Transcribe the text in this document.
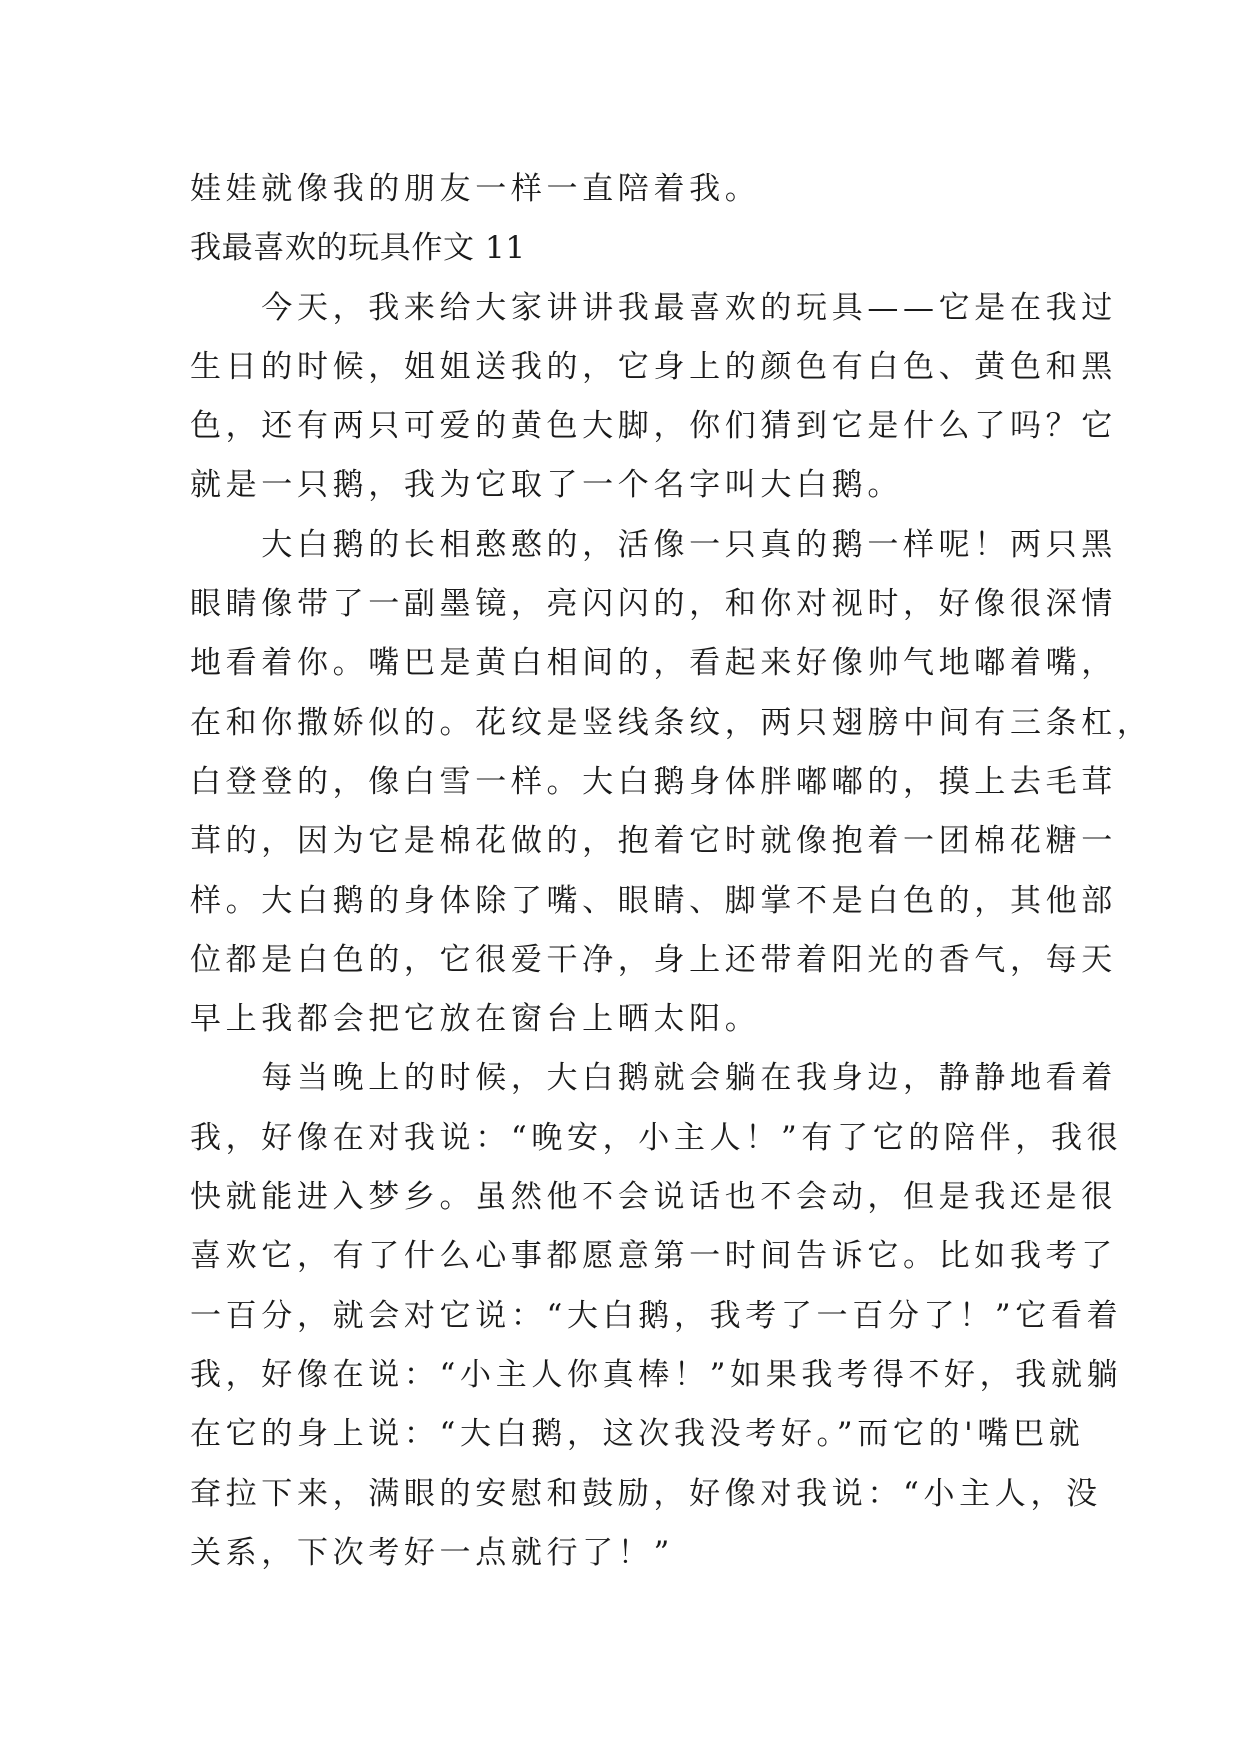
娃娃就像我的朋友一样一直陪着我。
我最喜欢的玩具作文 11
　　今天，我来给大家讲讲我最喜欢的玩具——它是在我过
生日的时候，姐姐送我的，它身上的颜色有白色、黄色和黑
色，还有两只可爱的黄色大脚，你们猜到它是什么了吗？它
就是一只鹅，我为它取了一个名字叫大白鹅。
　　大白鹅的长相憨憨的，活像一只真的鹅一样呢！两只黑
眼睛像带了一副墨镜，亮闪闪的，和你对视时，好像很深情
地看着你。嘴巴是黄白相间的，看起来好像帅气地嘟着嘴，
在和你撒娇似的。花纹是竖线条纹，两只翅膀中间有三条杠，
白登登的，像白雪一样。大白鹅身体胖嘟嘟的，摸上去毛茸
茸的，因为它是棉花做的，抱着它时就像抱着一团棉花糖一
样。大白鹅的身体除了嘴、眼睛、脚掌不是白色的，其他部
位都是白色的，它很爱干净，身上还带着阳光的香气，每天
早上我都会把它放在窗台上晒太阳。
　　每当晚上的时候，大白鹅就会躺在我身边，静静地看着
我，好像在对我说：“晚安，小主人！”有了它的陪伴，我很
快就能进入梦乡。虽然他不会说话也不会动，但是我还是很
喜欢它，有了什么心事都愿意第一时间告诉它。比如我考了
一百分，就会对它说：“大白鹅，我考了一百分了！”它看着
我，好像在说：“小主人你真棒！”如果我考得不好，我就躺
在它的身上说：“大白鹅，这次我没考好。”而它的'嘴巴就
耷拉下来，满眼的安慰和鼓励，好像对我说：“小主人，没
关系，下次考好一点就行了！”
